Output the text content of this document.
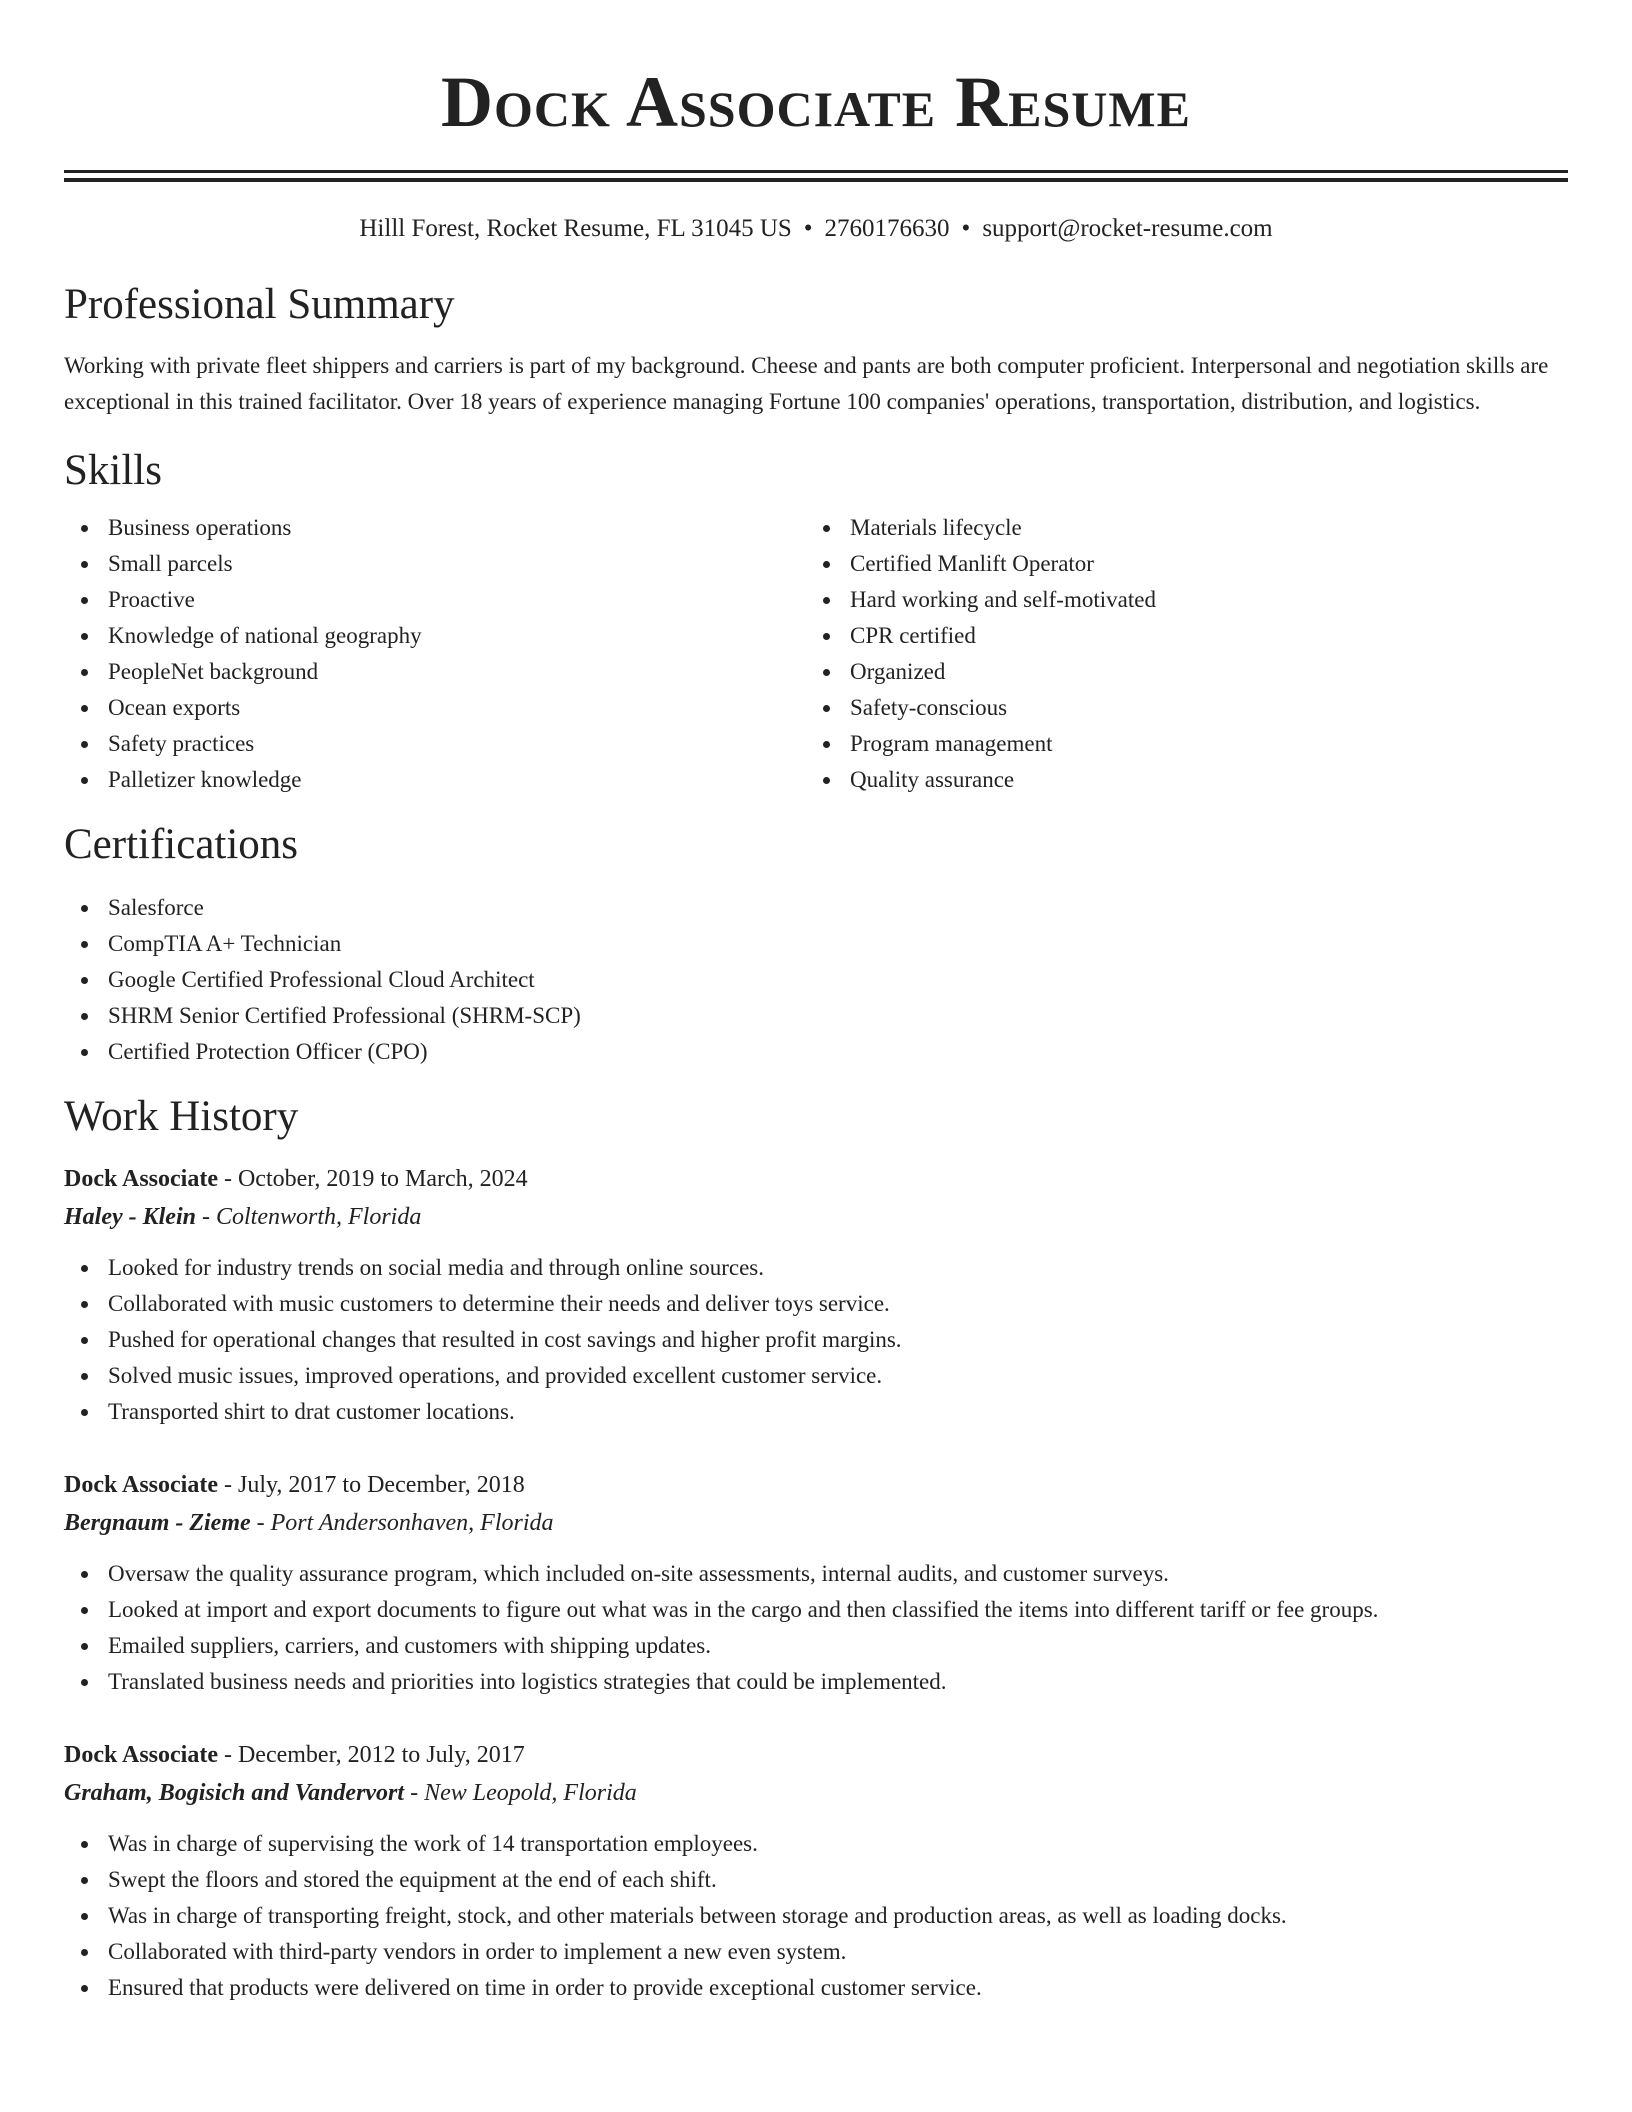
Dock Associate Resume
Hilll Forest, Rocket Resume, FL 31045 US • 2760176630 • support@rocket-resume.com
Professional Summary
Working with private fleet shippers and carriers is part of my background. Cheese and pants are both computer proficient. Interpersonal and negotiation skills are exceptional in this trained facilitator. Over 18 years of experience managing Fortune 100 companies' operations, transportation, distribution, and logistics.
Skills
Business operations
Small parcels
Proactive
Knowledge of national geography
PeopleNet background
Ocean exports
Safety practices
Palletizer knowledge
Materials lifecycle
Certified Manlift Operator
Hard working and self-motivated
CPR certified
Organized
Safety-conscious
Program management
Quality assurance
Certifications
Salesforce
CompTIA A+ Technician
Google Certified Professional Cloud Architect
SHRM Senior Certified Professional (SHRM-SCP)
Certified Protection Officer (CPO)
Work History
Dock Associate - October, 2019 to March, 2024
Haley - Klein - Coltenworth, Florida
Looked for industry trends on social media and through online sources.
Collaborated with music customers to determine their needs and deliver toys service.
Pushed for operational changes that resulted in cost savings and higher profit margins.
Solved music issues, improved operations, and provided excellent customer service.
Transported shirt to drat customer locations.
Dock Associate - July, 2017 to December, 2018
Bergnaum - Zieme - Port Andersonhaven, Florida
Oversaw the quality assurance program, which included on-site assessments, internal audits, and customer surveys.
Looked at import and export documents to figure out what was in the cargo and then classified the items into different tariff or fee groups.
Emailed suppliers, carriers, and customers with shipping updates.
Translated business needs and priorities into logistics strategies that could be implemented.
Dock Associate - December, 2012 to July, 2017
Graham, Bogisich and Vandervort - New Leopold, Florida
Was in charge of supervising the work of 14 transportation employees.
Swept the floors and stored the equipment at the end of each shift.
Was in charge of transporting freight, stock, and other materials between storage and production areas, as well as loading docks.
Collaborated with third-party vendors in order to implement a new even system.
Ensured that products were delivered on time in order to provide exceptional customer service.
